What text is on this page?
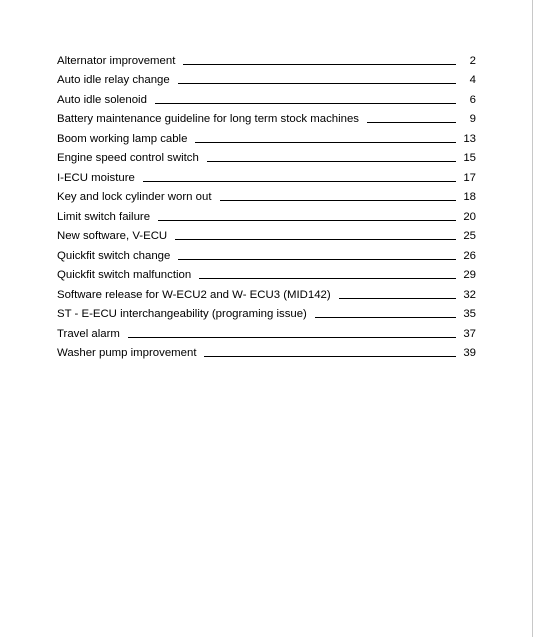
Alternator improvement	2
Auto idle relay change	4
Auto idle solenoid	6
Battery maintenance guideline for long term stock machines	9
Boom working lamp cable	13
Engine speed control switch	15
I-ECU moisture	17
Key and lock cylinder worn out	18
Limit switch failure	20
New software, V-ECU	25
Quickfit switch change	26
Quickfit switch malfunction	29
Software release for W-ECU2 and W- ECU3 (MID142)	32
ST - E-ECU interchangeability (programing issue)	35
Travel alarm	37
Washer pump improvement	39
